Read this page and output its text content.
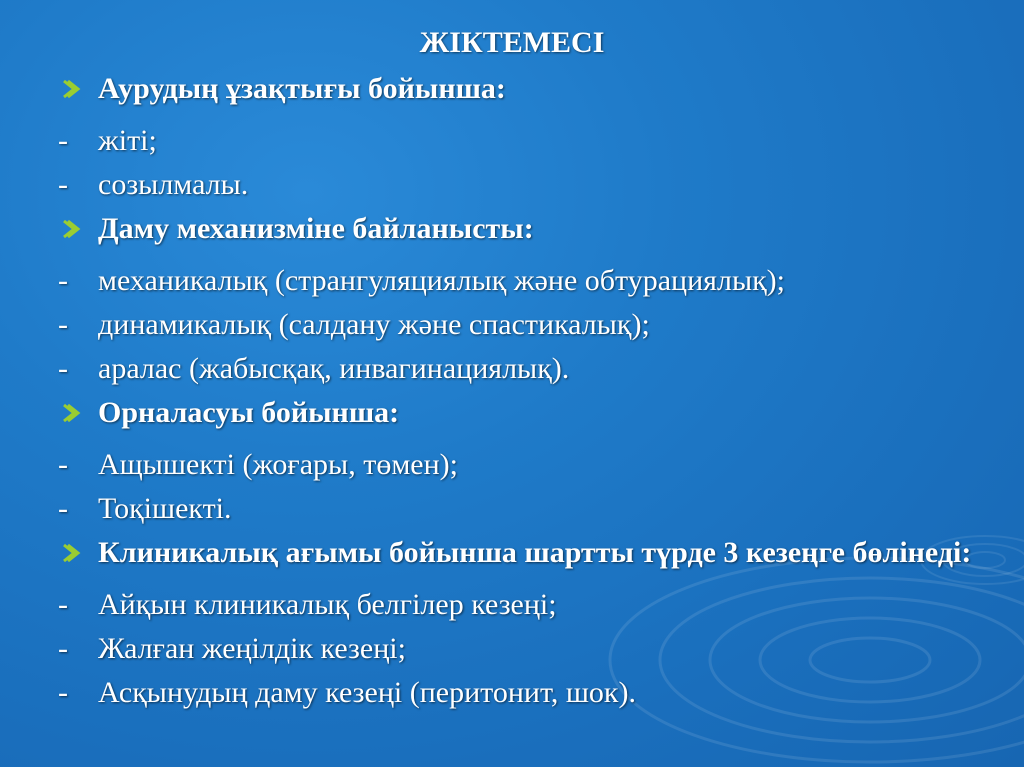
ЖІКТЕМЕСІ
Аурудың ұзақтығы бойынша:
-	жіті;
-	созылмалы.
Даму механизміне байланысты:
-	механикалық (странгуляциялық және обтурациялық);
-	динамикалық (салдану және спастикалық);
-	аралас (жабысқақ, инвагинациялық).
Орналасуы бойынша:
-	Ащышекті (жоғары, төмен);
-	Тоқішекті.
Клиникалық ағымы бойынша шартты түрде 3 кезеңге бөлінеді:
-	Айқын клиникалық белгілер кезеңі;
-	Жалған жеңілдік кезеңі;
-	Асқынудың даму кезеңі (перитонит, шок).
